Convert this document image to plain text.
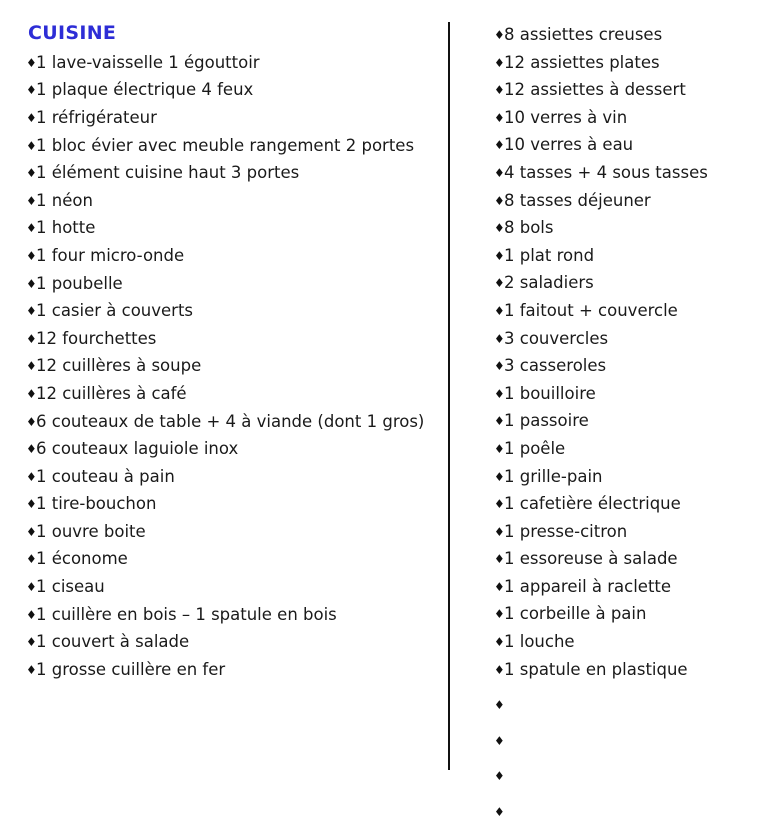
CUISINE
♦ 1 lave-vaisselle 1 égouttoir
♦ 1 plaque électrique 4 feux
♦ 1 réfrigérateur
♦ 1 bloc évier avec meuble rangement 2 portes
♦ 1 élément cuisine haut 3 portes
♦ 1 néon
♦ 1 hotte
♦ 1 four micro-onde
♦ 1 poubelle
♦ 1 casier à couverts
♦ 12 fourchettes
♦ 12 cuillères à soupe
♦ 12 cuillères à café
♦ 6 couteaux de table + 4 à viande (dont 1 gros)
♦ 6 couteaux laguiole inox
♦ 1 couteau à pain
♦ 1 tire-bouchon
♦ 1 ouvre boite
♦ 1 économe
♦ 1 ciseau
♦ 1 cuillère en bois – 1 spatule en bois
♦ 1 couvert à salade
♦ 1 grosse cuillère en fer
♦ 8 assiettes creuses
♦ 12 assiettes plates
♦ 12 assiettes à dessert
♦ 10 verres à vin
♦ 10 verres à eau
♦ 4 tasses + 4 sous tasses
♦ 8 tasses déjeuner
♦ 8 bols
♦ 1 plat rond
♦ 2 saladiers
♦ 1 faitout + couvercle
♦ 3 couvercles
♦ 3 casseroles
♦ 1 bouilloire
♦ 1 passoire
♦ 1 poêle
♦ 1 grille-pain
♦ 1 cafetière électrique
♦ 1 presse-citron
♦ 1 essoreuse à salade
♦ 1 appareil à raclette
♦ 1 corbeille à pain
♦ 1 louche
♦ 1 spatule en plastique
♦
♦
♦
♦
